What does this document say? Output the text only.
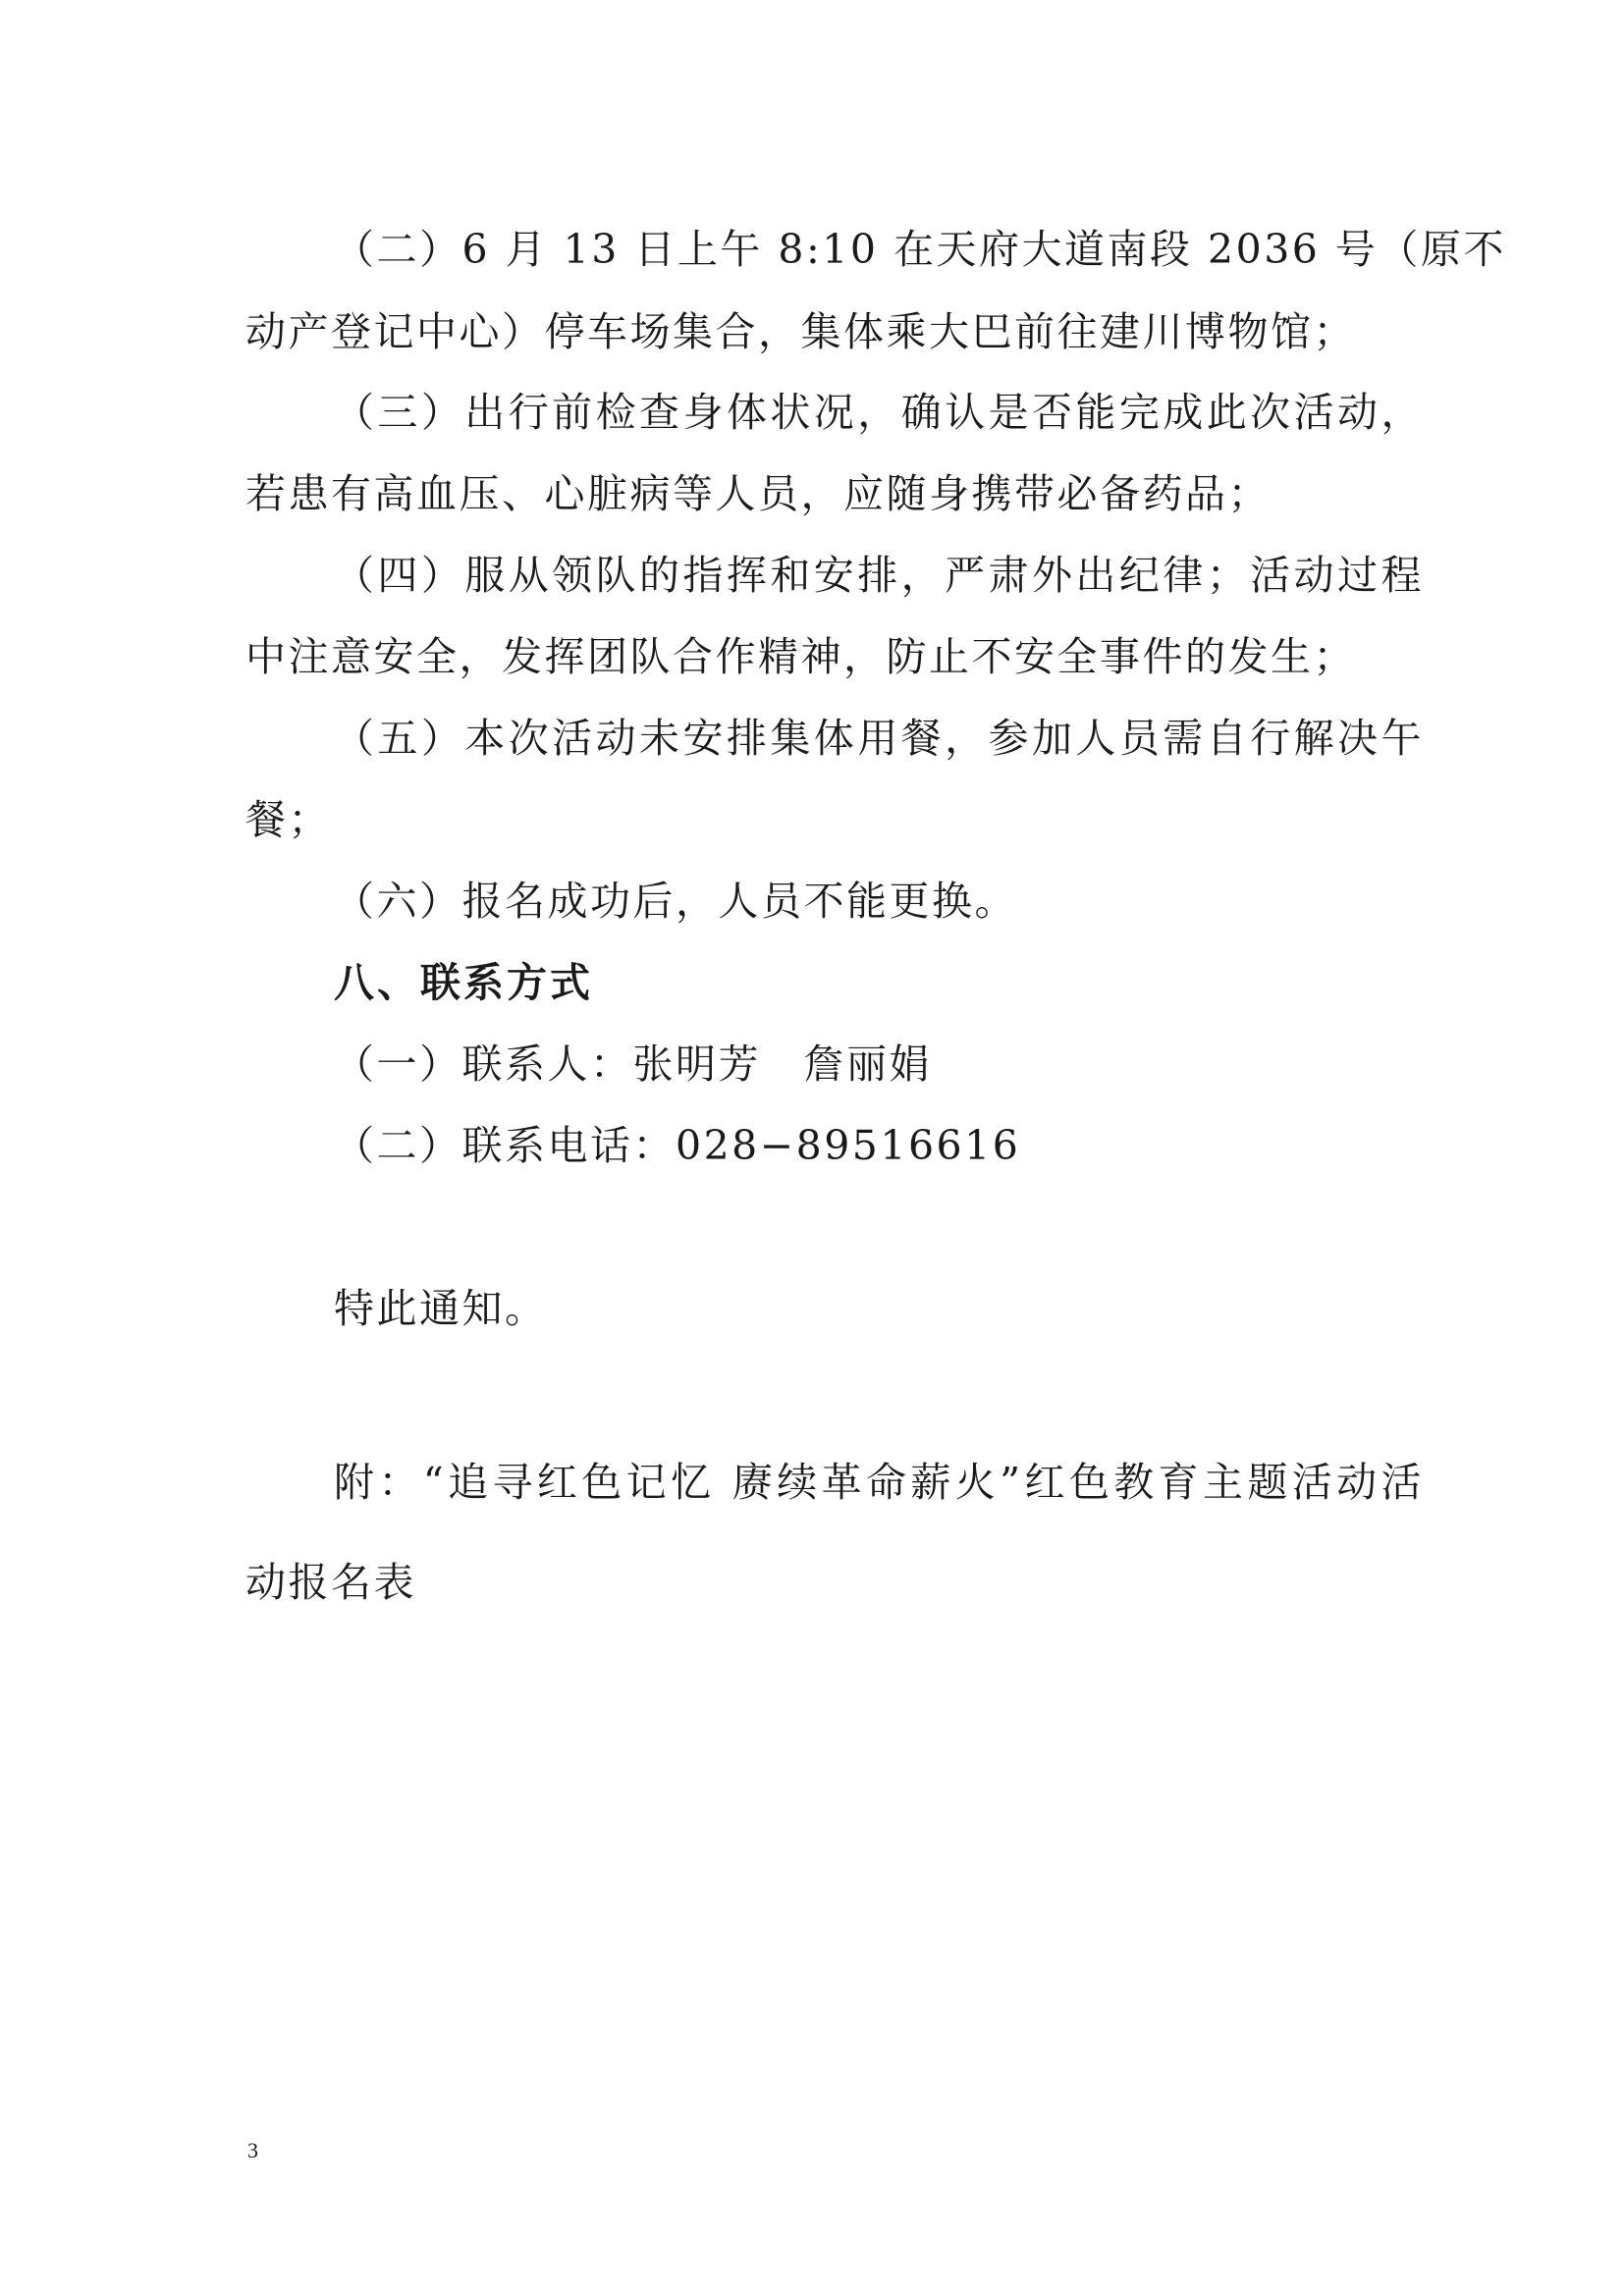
（二）6 月 13 日上午 8:10 在天府大道南段 2036 号（原不
动产登记中心）停车场集合，集体乘大巴前往建川博物馆；
（三）出行前检查身体状况，确认是否能完成此次活动，
若患有高血压、心脏病等人员，应随身携带必备药品；
（四）服从领队的指挥和安排，严肃外出纪律；活动过程
中注意安全，发挥团队合作精神，防止不安全事件的发生；
（五）本次活动未安排集体用餐，参加人员需自行解决午
餐；
（六）报名成功后，人员不能更换。
八、联系方式
（一）联系人：张明芳　詹丽娟
（二）联系电话：028−89516616
特此通知。
附：“追寻红色记忆 赓续革命薪火”红色教育主题活动活
动报名表
3
